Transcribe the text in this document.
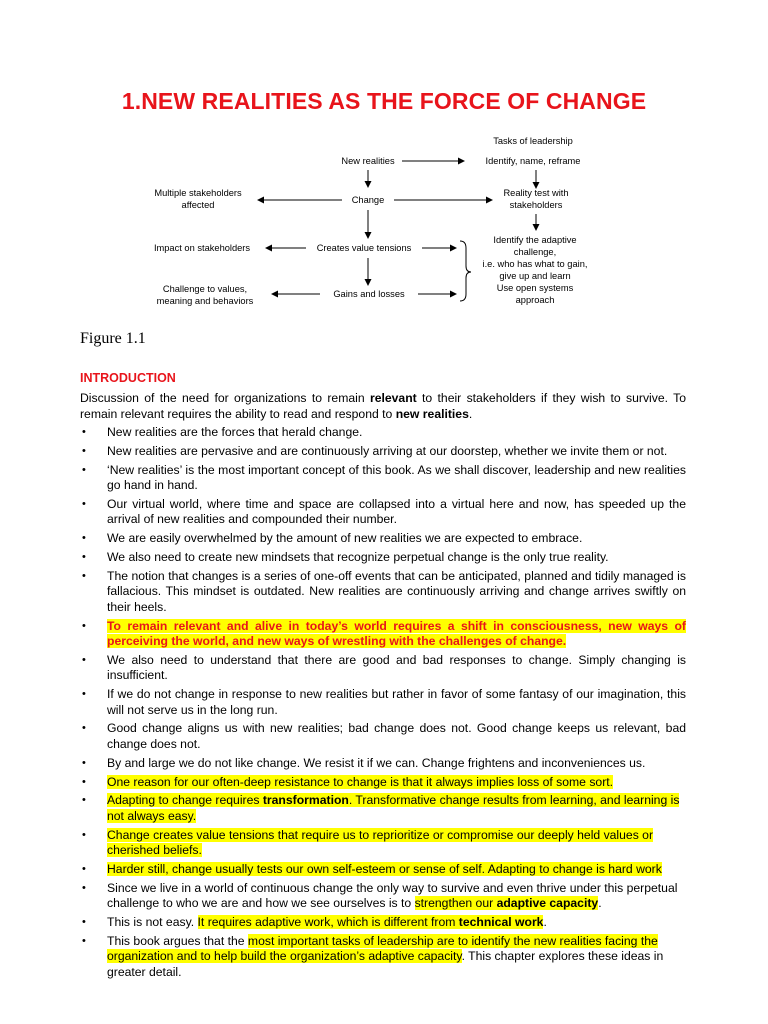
1.NEW REALITIES AS THE FORCE OF CHANGE
Tasks of leadership
New realities	Identify, name, reframe
Multiple stakeholders
affected	Change
Reality test with
stakeholders
Impact on stakeholders	Creates value tensions
Identify the adaptive
challenge,
i.e. who has what to gain,
give up and learn
Use open systems
approach
Challenge to values,
meaning and behaviors
Gains and losses
Figure 1.1
INTRODUCTION

Discussion of the need for organizations to remain relevant to their stakeholders if they wish to survive. To remain relevant requires the ability to read and respond to new realities.

• New realities are the forces that herald change.
• New realities are pervasive and are continuously arriving at our doorstep, whether we invite them or not.
• ‘New realities’ is the most important concept of this book. As we shall discover, leadership and new realities go hand in hand.
• Our virtual world, where time and space are collapsed into a virtual here and now, has speeded up the arrival of new realities and compounded their number.
• We are easily overwhelmed by the amount of new realities we are expected to embrace.
• We also need to create new mindsets that recognize perpetual change is the only true reality.
• The notion that changes is a series of one-off events that can be anticipated, planned and tidily managed is fallacious. This mindset is outdated. New realities are continuously arriving and change arrives swiftly on their heels.
• To remain relevant and alive in today’s world requires a shift in consciousness, new ways of perceiving the world, and new ways of wrestling with the challenges of change.
• We also need to understand that there are good and bad responses to change. Simply changing is insufficient.
• If we do not change in response to new realities but rather in favor of some fantasy of our imagination, this will not serve us in the long run.
• Good change aligns us with new realities; bad change does not. Good change keeps us relevant, bad change does not.
• By and large we do not like change. We resist it if we can. Change frightens and inconveniences us.
• One reason for our often-deep resistance to change is that it always implies loss of some sort.
• Adapting to change requires transformation. Transformative change results from learning, and learning is not always easy.
• Change creates value tensions that require us to reprioritize or compromise our deeply held values or cherished beliefs.
• Harder still, change usually tests our own self-esteem or sense of self. Adapting to change is hard work
• Since we live in a world of continuous change the only way to survive and even thrive under this perpetual challenge to who we are and how we see ourselves is to strengthen our adaptive capacity.
• This is not easy. It requires adaptive work, which is different from technical work.
• This book argues that the most important tasks of leadership are to identify the new realities facing the organization and to help build the organization’s adaptive capacity. This chapter explores these ideas in greater detail.
